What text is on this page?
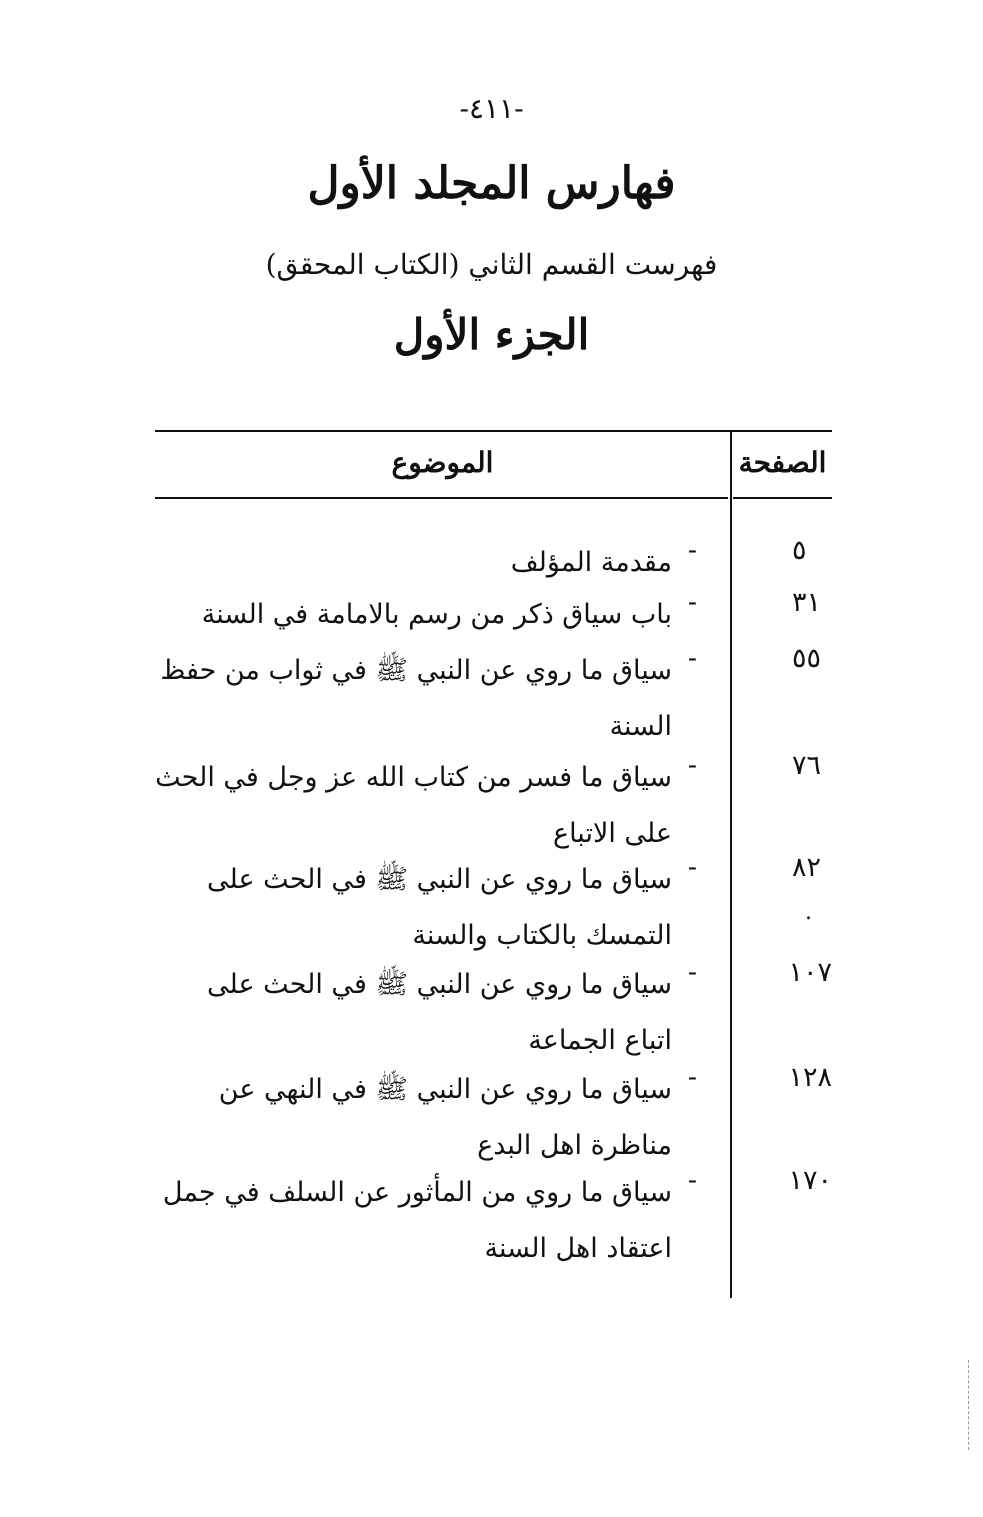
-٤١١-
فهارس المجلد الأول
فهرست القسم الثاني (الكتاب المحقق)
الجزء الأول
الصفحة
الموضوع
٥
-
مقدمة المؤلف
٣١
-
باب سياق ذكر من رسم بالامامة في السنة
٥٥
-
سياق ما روي عن النبي ﷺ في ثواب من حفظ السنة
٧٦
-
سياق ما فسر من كتاب الله عز وجل في الحث على الاتباع
٨٢
-
سياق ما روي عن النبي ﷺ في الحث على التمسك بالكتاب والسنة
.
١٠٧
-
سياق ما روي عن النبي ﷺ في الحث على اتباع الجماعة
١٢٨
-
سياق ما روي عن النبي ﷺ في النهي عن مناظرة اهل البدع
١٧٠
-
سياق ما روي من المأثور عن السلف في جمل اعتقاد اهل السنة
